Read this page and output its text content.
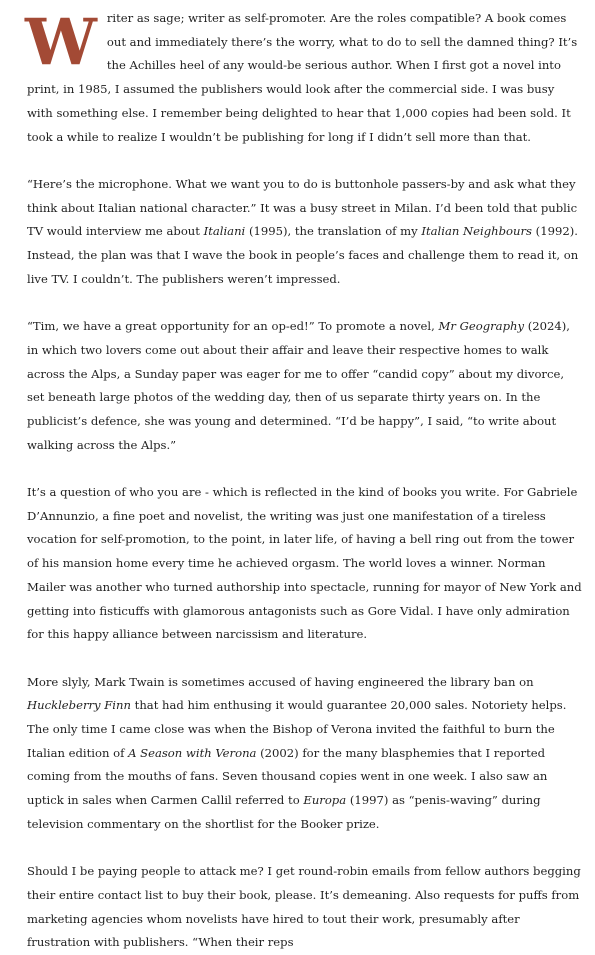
Writer as sage; writer as self-promoter. Are the roles compatible? A book comes out and immediately there’s the worry, what to do to sell the damned thing? It’s the Achilles heel of any would-be serious author. When I first got a novel into print, in 1985, I assumed the publishers would look after the commercial side. I was busy with something else. I remember being delighted to hear that 1,000 copies had been sold. It took a while to realize I wouldn’t be publishing for long if I didn’t sell more than that.

“Here’s the microphone. What we want you to do is buttonhole passers-by and ask what they think about Italian national character.” It was a busy street in Milan. I’d been told that public TV would interview me about Italiani (1995), the translation of my Italian Neighbours (1992). Instead, the plan was that I wave the book in people’s faces and challenge them to read it, on live TV. I couldn’t. The publishers weren’t impressed.

“Tim, we have a great opportunity for an op-ed!” To promote a novel, Mr Geography (2024), in which two lovers come out about their affair and leave their respective homes to walk across the Alps, a Sunday paper was eager for me to offer “candid copy” about my divorce, set beneath large photos of the wedding day, then of us separate thirty years on. In the publicist’s defence, she was young and determined. “I’d be happy”, I said, “to write about walking across the Alps.”

It’s a question of who you are - which is reflected in the kind of books you write. For Gabriele D’Annunzio, a fine poet and novelist, the writing was just one manifestation of a tireless vocation for self-promotion, to the point, in later life, of having a bell ring out from the tower of his mansion home every time he achieved orgasm. The world loves a winner. Norman Mailer was another who turned authorship into spectacle, running for mayor of New York and getting into fisticuffs with glamorous antagonists such as Gore Vidal. I have only admiration for this happy alliance between narcissism and literature.

More slyly, Mark Twain is sometimes accused of having engineered the library ban on Huckleberry Finn that had him enthusing it would guarantee 20,000 sales. Notoriety helps. The only time I came close was when the Bishop of Verona invited the faithful to burn the Italian edition of A Season with Verona (2002) for the many blasphemies that I reported coming from the mouths of fans. Seven thousand copies went in one week. I also saw an uptick in sales when Carmen Callil referred to Europa (1997) as “penis-waving” during television commentary on the shortlist for the Booker prize.

Should I be paying people to attack me? I get round-robin emails from fellow authors begging their entire contact list to buy their book, please. It’s demeaning. Also requests for puffs from marketing agencies whom novelists have hired to tout their work, presumably after frustration with publishers. “When their reps
